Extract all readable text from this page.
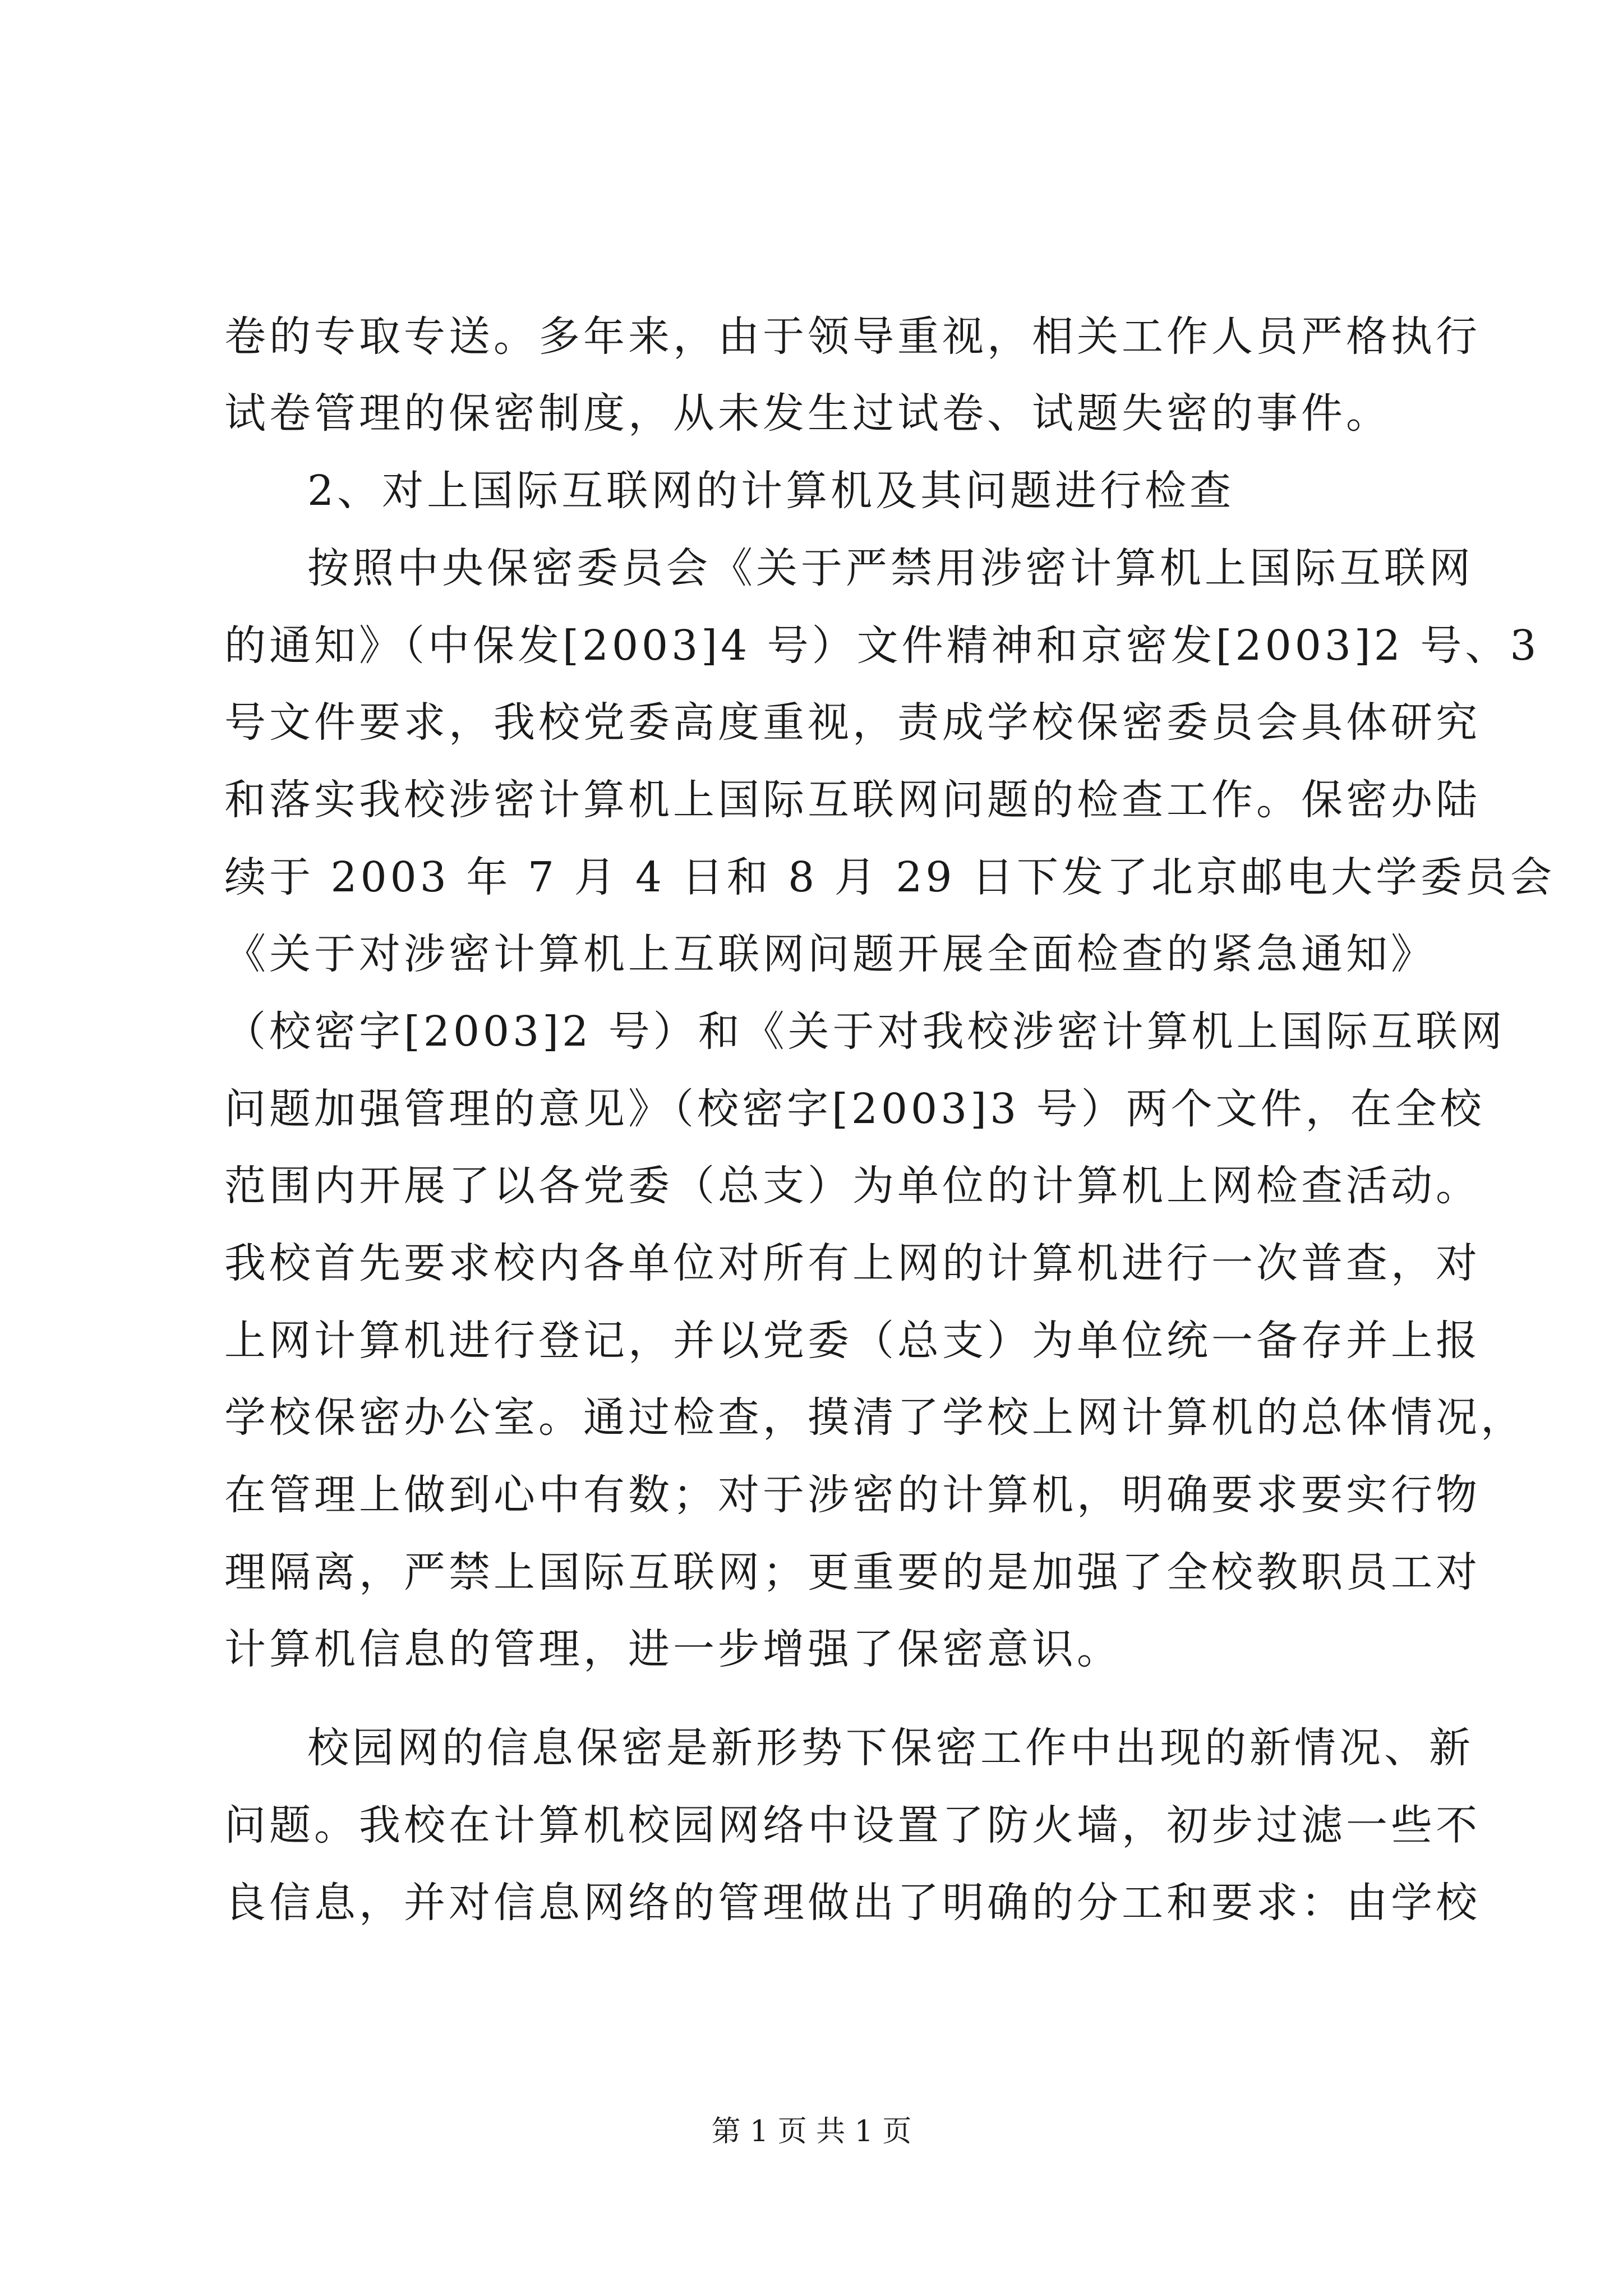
卷的专取专送。多年来，由于领导重视，相关工作人员严格执行
试卷管理的保密制度，从未发生过试卷、试题失密的事件。
2、对上国际互联网的计算机及其问题进行检查
按照中央保密委员会《关于严禁用涉密计算机上国际互联网
的通知》（中保发[2003]4 号）文件精神和京密发[2003]2 号、3
号文件要求，我校党委高度重视，责成学校保密委员会具体研究
和落实我校涉密计算机上国际互联网问题的检查工作。保密办陆
续于 2003 年 7 月 4 日和 8 月 29 日下发了北京邮电大学委员会
《关于对涉密计算机上互联网问题开展全面检查的紧急通知》
（校密字[2003]2 号）和《关于对我校涉密计算机上国际互联网
问题加强管理的意见》（校密字[2003]3 号）两个文件，在全校
范围内开展了以各党委（总支）为单位的计算机上网检查活动。
我校首先要求校内各单位对所有上网的计算机进行一次普查，对
上网计算机进行登记，并以党委（总支）为单位统一备存并上报
学校保密办公室。通过检查，摸清了学校上网计算机的总体情况，
在管理上做到心中有数；对于涉密的计算机，明确要求要实行物
理隔离，严禁上国际互联网；更重要的是加强了全校教职员工对
计算机信息的管理，进一步增强了保密意识。
校园网的信息保密是新形势下保密工作中出现的新情况、新
问题。我校在计算机校园网络中设置了防火墙，初步过滤一些不
良信息，并对信息网络的管理做出了明确的分工和要求：由学校
第 1 页 共 1 页
